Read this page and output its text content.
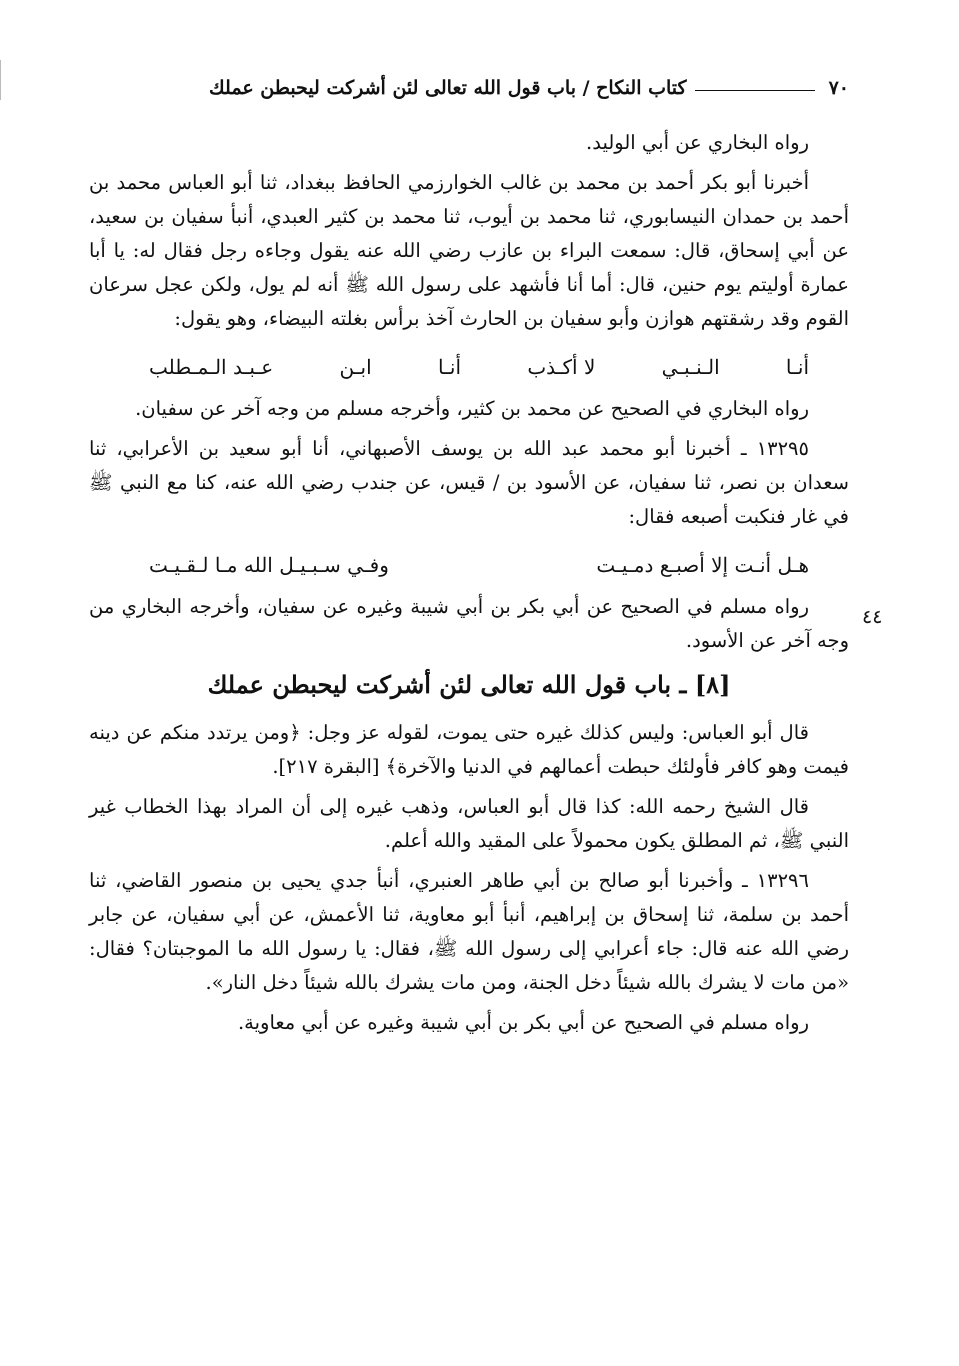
٧٠
كتاب النكاح / باب قول الله تعالى لئن أشركت ليحبطن عملك
٤٤

رواه البخاري عن أبي الوليد.

أخبرنا أبو بكر أحمد بن محمد بن غالب الخوارزمي الحافظ ببغداد، ثنا أبو العباس محمد بن أحمد بن حمدان النيسابوري، ثنا محمد بن أيوب، ثنا محمد بن كثير العبدي، أنبأ سفيان بن سعيد، عن أبي إسحاق، قال: سمعت البراء بن عازب رضي الله عنه يقول وجاءه رجل فقال له: يا أبا عمارة أوليتم يوم حنين، قال: أما أنا فأشهد على رسول الله ﷺ أنه لم يول، ولكن عجل سرعان القوم وقد رشقتهم هوازن وأبو سفيان بن الحارث آخذ برأس بغلته البيضاء، وهو يقول:

أنـا
الـنـبـي
لا أكـذب
أنـا
ابـن
عـبـد الـمـطلب

رواه البخاري في الصحيح عن محمد بن كثير، وأخرجه مسلم من وجه آخر عن سفيان.

١٣٢٩٥ ـ أخبرنا أبو محمد عبد الله بن يوسف الأصبهاني، أنا أبو سعيد بن الأعرابي، ثنا سعدان بن نصر، ثنا سفيان، عن الأسود بن / قيس، عن جندب رضي الله عنه، كنا مع النبي ﷺ في غار فنكبت أصبعه فقال:

هـل أنـت إلا أصبـع دمـيـت
وفـي سـبـيـل الله مـا لـقـيـت

رواه مسلم في الصحيح عن أبي بكر بن أبي شيبة وغيره عن سفيان، وأخرجه البخاري من وجه آخر عن الأسود.

[٨] ـ باب قول الله تعالى لئن أشركت ليحبطن عملك

قال أبو العباس: وليس كذلك غيره حتى يموت، لقوله عز وجل: ﴿ومن يرتدد منكم عن دينه فيمت وهو كافر فأولئك حبطت أعمالهم في الدنيا والآخرة﴾ [البقرة ٢١٧].

قال الشيخ رحمه الله: كذا قال أبو العباس، وذهب غيره إلى أن المراد بهذا الخطاب غير النبي ﷺ، ثم المطلق يكون محمولاً على المقيد والله أعلم.

١٣٢٩٦ ـ وأخبرنا أبو صالح بن أبي طاهر العنبري، أنبأ جدي يحيى بن منصور القاضي، ثنا أحمد بن سلمة، ثنا إسحاق بن إبراهيم، أنبأ أبو معاوية، ثنا الأعمش، عن أبي سفيان، عن جابر رضي الله عنه قال: جاء أعرابي إلى رسول الله ﷺ، فقال: يا رسول الله ما الموجبتان؟ فقال: «من مات لا يشرك بالله شيئاً دخل الجنة، ومن مات يشرك بالله شيئاً دخل النار».

رواه مسلم في الصحيح عن أبي بكر بن أبي شيبة وغيره عن أبي معاوية.
